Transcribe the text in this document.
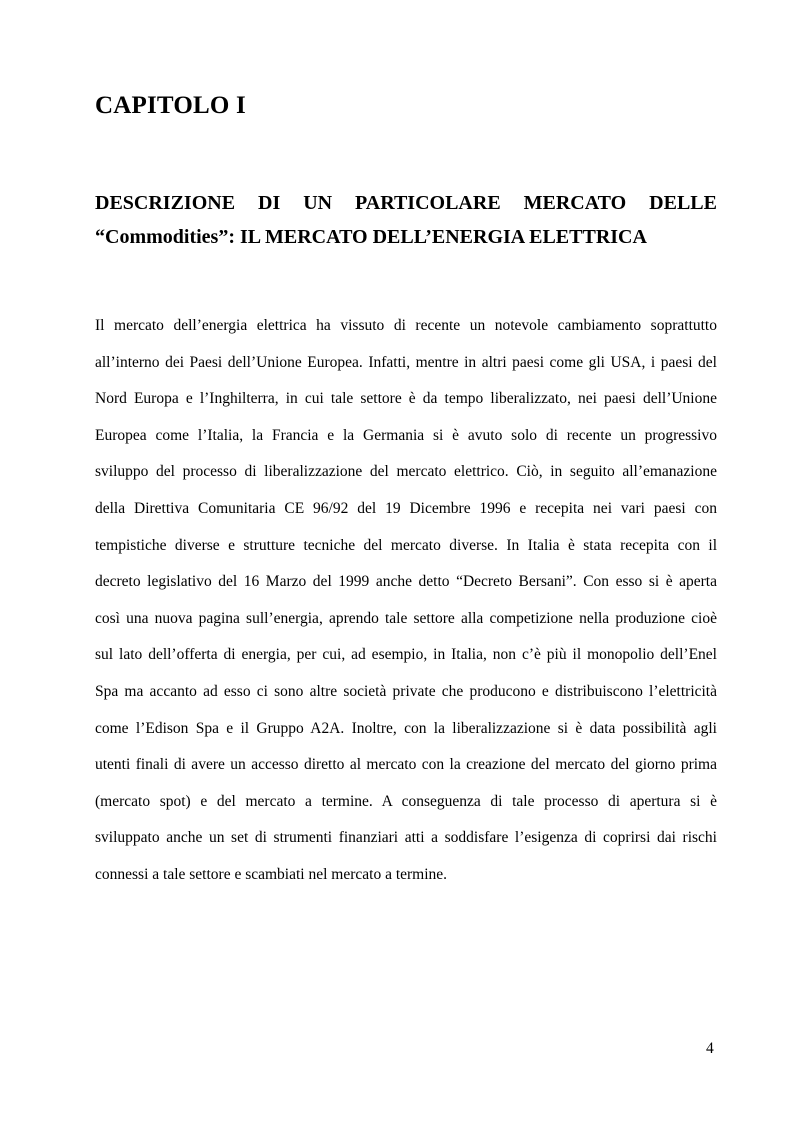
CAPITOLO I
DESCRIZIONE DI UN PARTICOLARE MERCATO DELLE
“Commodities”: IL MERCATO DELL’ENERGIA ELETTRICA
Il mercato dell’energia elettrica ha vissuto di recente un notevole cambiamento soprattutto
all’interno dei Paesi dell’Unione Europea. Infatti, mentre in altri paesi come gli USA, i paesi del
Nord Europa e l’Inghilterra, in cui tale settore è da tempo liberalizzato, nei paesi dell’Unione
Europea come l’Italia, la Francia e la Germania si è avuto solo di recente un progressivo
sviluppo del processo di liberalizzazione del mercato elettrico. Ciò, in seguito all’emanazione
della Direttiva Comunitaria CE 96/92 del 19 Dicembre 1996 e recepita nei vari paesi con
tempistiche diverse e strutture tecniche del mercato diverse. In Italia è stata recepita con il
decreto legislativo del 16 Marzo del 1999 anche detto “Decreto Bersani”. Con esso si è aperta
così una nuova pagina sull’energia, aprendo tale settore alla competizione nella produzione cioè
sul lato dell’offerta di energia, per cui, ad esempio, in Italia, non c’è più il monopolio dell’Enel
Spa ma accanto ad esso ci sono altre società private che producono e distribuiscono l’elettricità
come l’Edison Spa e il Gruppo A2A. Inoltre, con la liberalizzazione si è data possibilità agli
utenti finali di avere un accesso diretto al mercato con la creazione del mercato del giorno prima
(mercato spot) e del mercato a termine. A conseguenza di tale processo di apertura si è
sviluppato anche un set di strumenti finanziari atti a soddisfare l’esigenza di coprirsi dai rischi
connessi a tale settore e scambiati nel mercato a termine.

4
